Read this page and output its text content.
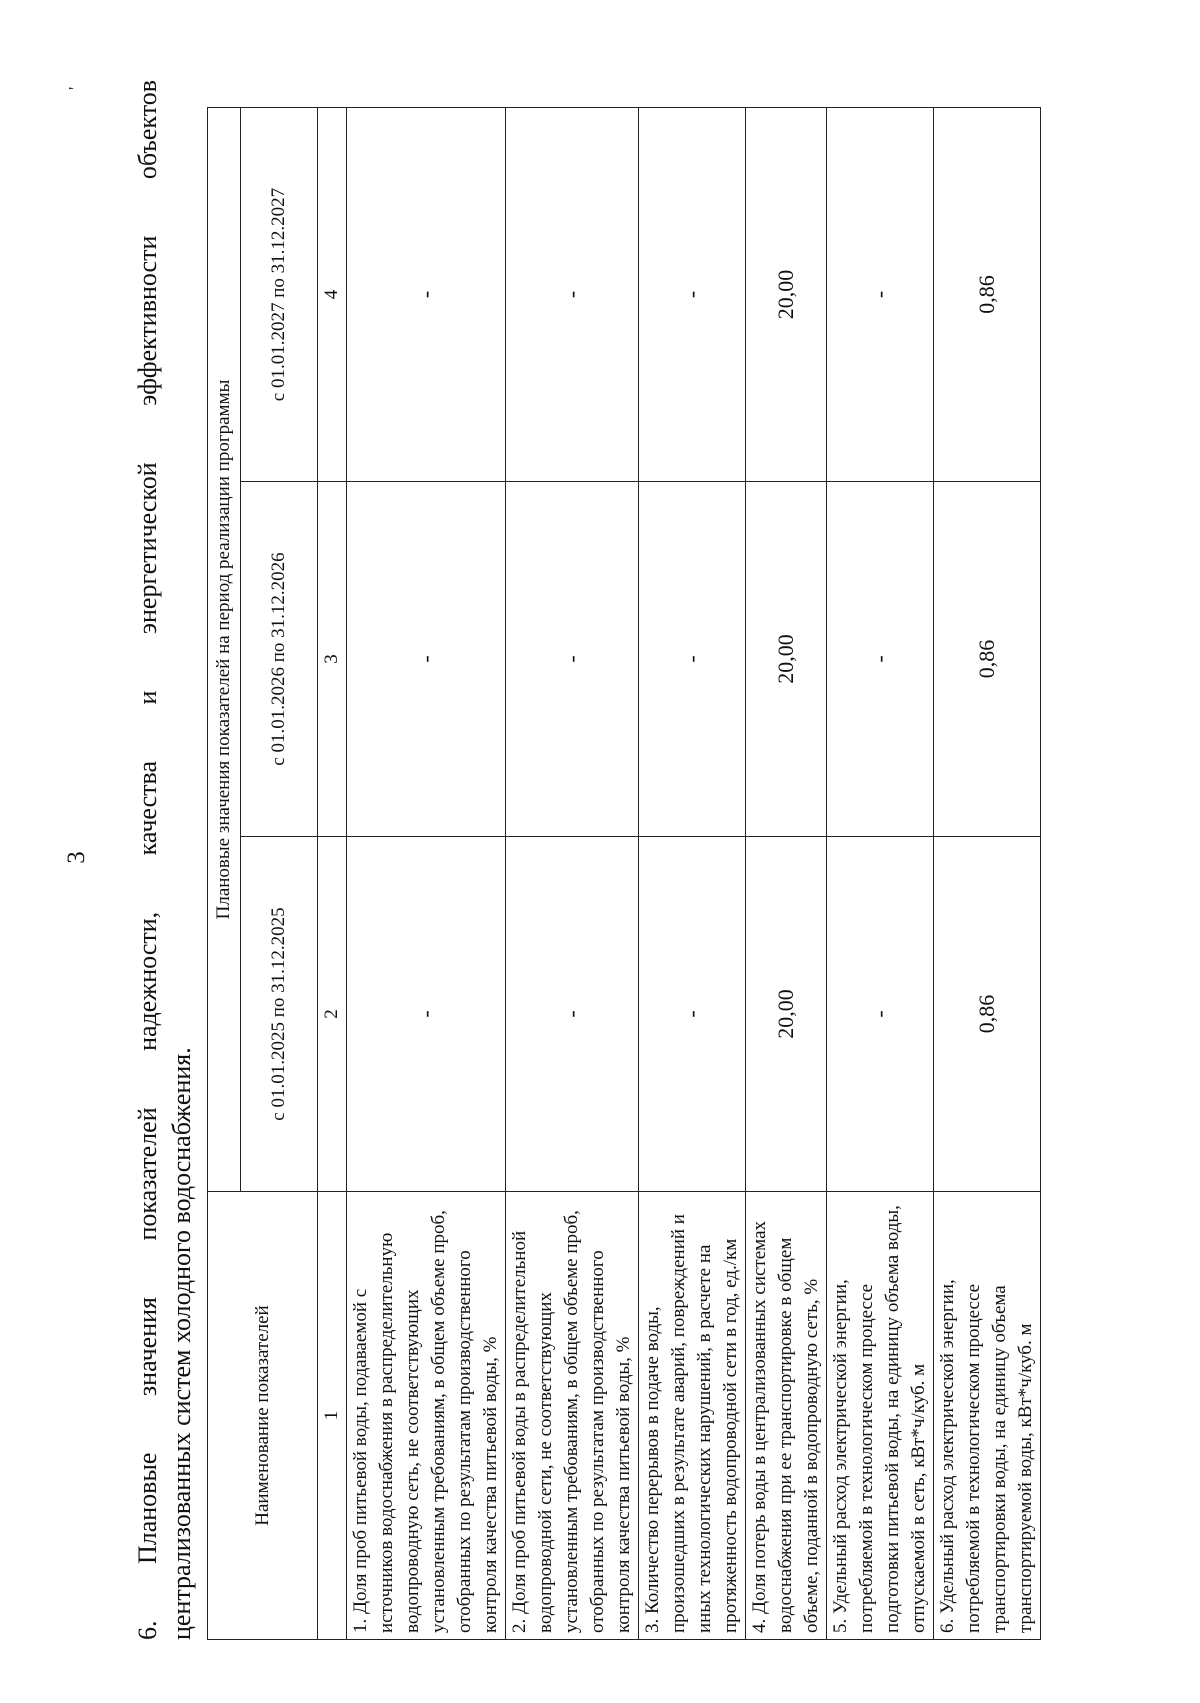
3 6. Плановые значения показателей надежности, качества и энергетической эффективности объектов централизованных систем холодного водоснабжения.	Наименование показателей	Плановые значения показателей на период реализации программы		
	с 01.01.2025 по 31.12.2025	с 01.01.2026 по 31.12.2026	с 01.01.2027 по 31.12.2027
1	2	3	4
1. Доля проб питьевой воды, подаваемой с источников водоснабжения в распределительную водопроводную сеть, не соответствующих установленным требованиям, в общем объеме проб, отобранных по результатам производственного контроля качества питьевой воды, %	-	-	-
2. Доля проб питьевой воды в распределительной водопроводной сети, не соответствующих установленным требованиям, в общем объеме проб, отобранных по результатам производственного контроля качества питьевой воды, %	-	-	-
3. Количество перерывов в подаче воды, произошедших в результате аварий, повреждений и иных технологических нарушений, в расчете на протяженность водопроводной сети в год, ед./км	-	-	-
4. Доля потерь воды в централизованных системах водоснабжения при ее транспортировке в общем объеме, поданной в водопроводную сеть, %	20,00	20,00	20,00
5. Удельный расход электрической энергии, потребляемой в технологическом процессе подготовки питьевой воды, на единицу объема воды, отпускаемой в сеть, кВт*ч/куб. м	-	-	-
6. Удельный расход электрической энергии, потребляемой в технологическом процессе транспортировки воды, на единицу объема транспортируемой воды, кВт*ч/куб. м	0,86	0,86	0,86
'
